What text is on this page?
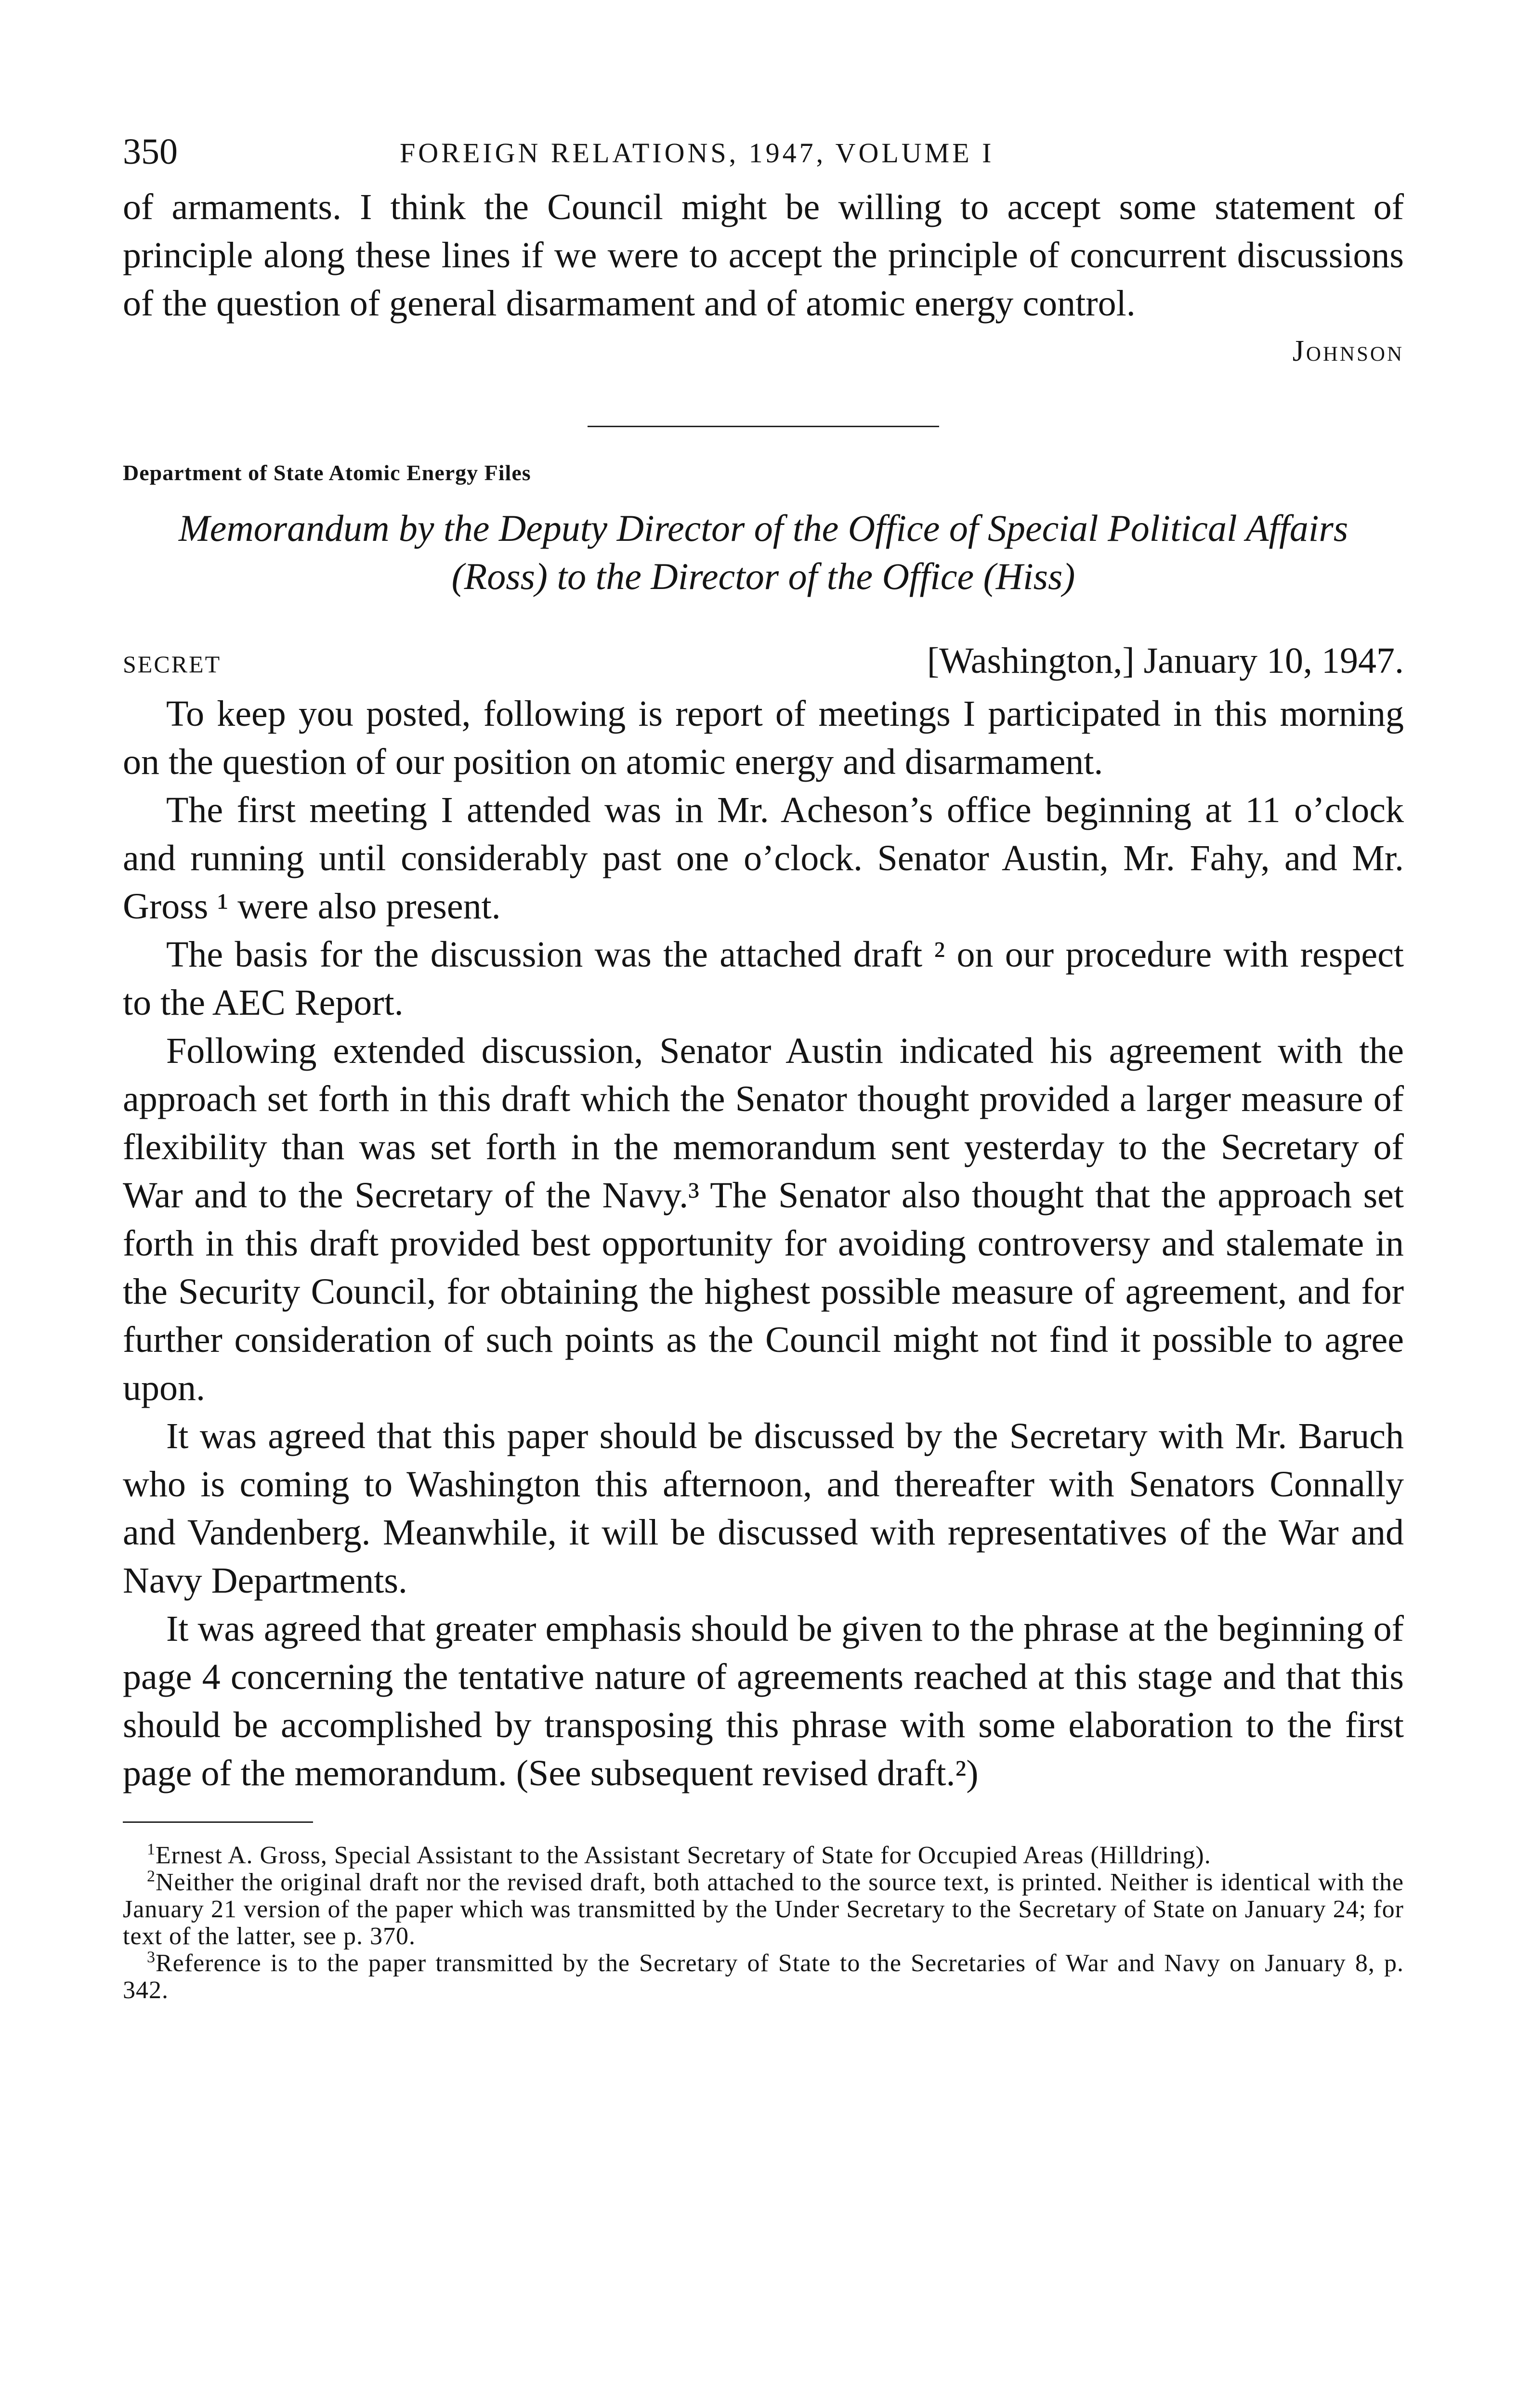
350	FOREIGN RELATIONS, 1947, VOLUME I

of armaments. I think the Council might be willing to accept some statement of principle along these lines if we were to accept the principle of concurrent discussions of the question of general disarmament and of atomic energy control.

Johnson
Department of State Atomic Energy Files

Memorandum by the Deputy Director of the Office of Special Political Affairs (Ross) to the Director of the Office (Hiss)

SECRET	[Washington,] January 10, 1947.

To keep you posted, following is report of meetings I participated in this morning on the question of our position on atomic energy and disarmament.

The first meeting I attended was in Mr. Acheson’s office beginning at 11 o’clock and running until considerably past one o’clock. Senator Austin, Mr. Fahy, and Mr. Gross ¹ were also present.

The basis for the discussion was the attached draft ² on our procedure with respect to the AEC Report.

Following extended discussion, Senator Austin indicated his agreement with the approach set forth in this draft which the Senator thought provided a larger measure of flexibility than was set forth in the memorandum sent yesterday to the Secretary of War and to the Secretary of the Navy.³ The Senator also thought that the approach set forth in this draft provided best opportunity for avoiding controversy and stalemate in the Security Council, for obtaining the highest possible measure of agreement, and for further consideration of such points as the Council might not find it possible to agree upon.

It was agreed that this paper should be discussed by the Secretary with Mr. Baruch who is coming to Washington this afternoon, and thereafter with Senators Connally and Vandenberg. Meanwhile, it will be discussed with representatives of the War and Navy Departments.

It was agreed that greater emphasis should be given to the phrase at the beginning of page 4 concerning the tentative nature of agreements reached at this stage and that this should be accomplished by transposing this phrase with some elaboration to the first page of the memorandum. (See subsequent revised draft.²)

$^1$Ernest A. Gross, Special Assistant to the Assistant Secretary of State for Occupied Areas (Hilldring).

$^2$Neither the original draft nor the revised draft, both attached to the source text, is printed. Neither is identical with the January 21 version of the paper which was transmitted by the Under Secretary to the Secretary of State on January 24; for text of the latter, see p. 370.

$^3$Reference is to the paper transmitted by the Secretary of State to the Secretaries of War and Navy on January 8, p. 342.
